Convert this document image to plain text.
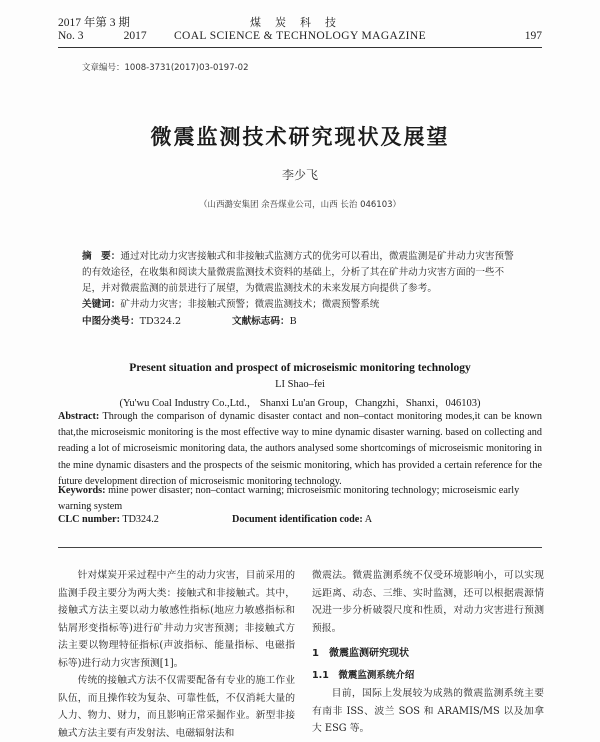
2017 年第 3 期	煤炭科技
No. 3	2017	COAL SCIENCE & TECHNOLOGY MAGAZINE	197
文章编号：1008-3731(2017)03-0197-02
微震监测技术研究现状及展望
李少飞
（山西潞安集团 余吾煤业公司，山西 长治 046103）
摘　要：通过对比动力灾害接触式和非接触式监测方式的优劣可以看出，微震监测是矿井动力灾害预警的有效途径，在收集和阅读大量微震监测技术资料的基础上，分析了其在矿井动力灾害方面的一些不足，并对微震监测的前景进行了展望，为微震监测技术的未来发展方向提供了参考。
关键词：矿井动力灾害；非接触式预警；微震监测技术；微震预警系统
中图分类号：TD324.2	文献标志码：B
Present situation and prospect of microseismic monitoring technology
LI Shao–fei
(Yu'wu Coal Industry Co.,Ltd.， Shanxi Lu'an Group，Changzhi，Shanxi，046103)
Abstract: Through the comparison of dynamic disaster contact and non–contact monitoring modes,it can be known that,the microseismic monitoring is the most effective way to mine dynamic disaster warning. based on collecting and reading a lot of microseismic monitoring data, the authors analysed some shortcomings of microseismic monitoring in the mine dynamic disasters and the prospects of the seismic monitoring, which has provided a certain reference for the future development direction of microseismic monitoring technology.
Keywords: mine power disaster; non–contact warning; microseismic monitoring technology; microseismic early warning system
CLC number: TD324.2	Document identification code: A

针对煤炭开采过程中产生的动力灾害，目前采用的监测手段主要分为两大类：接触式和非接触式。其中，接触式方法主要以动力敏感性指标(地应力敏感指标和钻屑形变指标等)进行矿井动力灾害预测；非接触式方法主要以物理特征指标(声波指标、能量指标、电磁指标等)进行动力灾害预测[1]。

传统的接触式方法不仅需要配备有专业的施工作业队伍，而且操作较为复杂、可靠性低，不仅消耗大量的人力、物力、财力，而且影响正常采掘作业。新型非接触式方法主要有声发射法、电磁辐射法和

微震法。微震监测系统不仅受环境影响小，可以实现远距离、动态、三维、实时监测，还可以根据震源情况进一步分析破裂尺度和性质，对动力灾害进行预测预报。

1　微震监测研究现状
1.1　微震监测系统介绍

目前，国际上发展较为成熟的微震监测系统主要有南非 ISS、波兰 SOS 和 ARAMIS/MS 以及加拿大 ESG 等。
